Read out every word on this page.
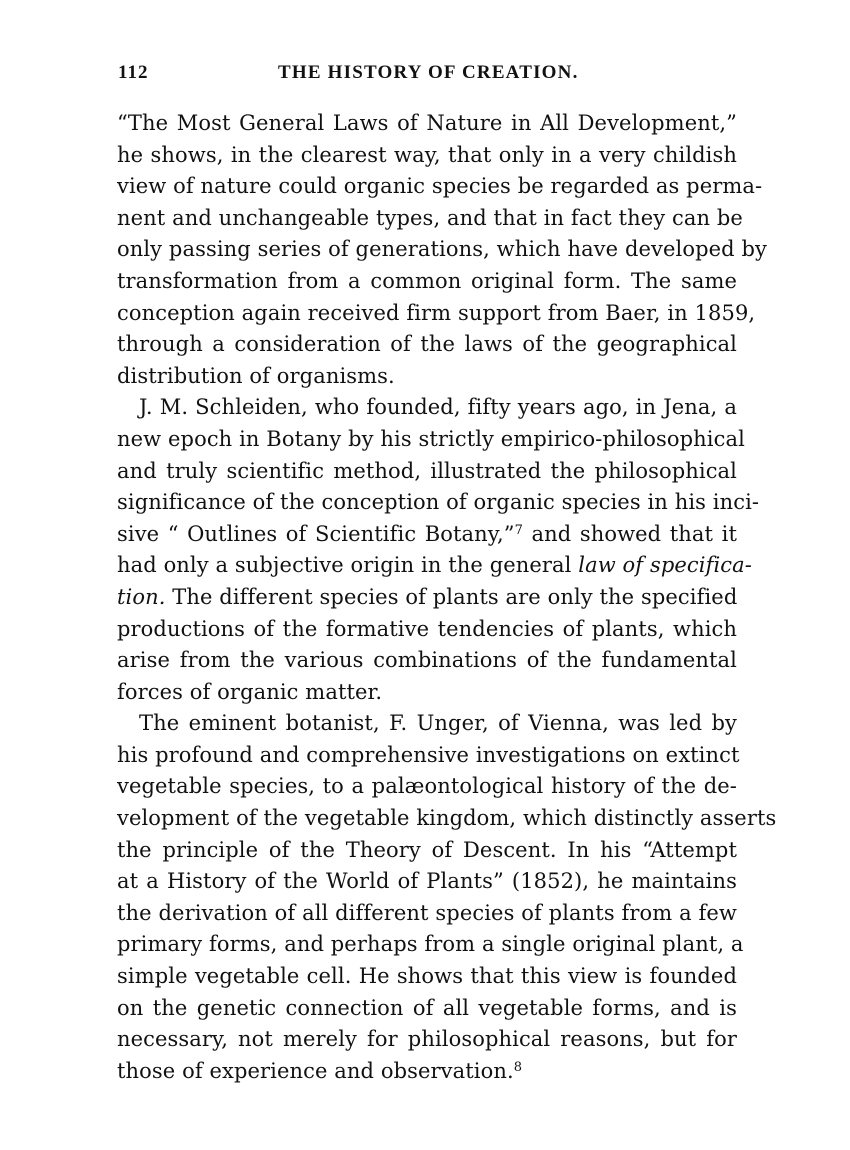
112	THE HISTORY OF CREATION.
“The Most General Laws of Nature in All Development,”
he shows, in the clearest way, that only in a very childish
view of nature could organic species be regarded as perma-
nent and unchangeable types, and that in fact they can be
only passing series of generations, which have developed by
transformation from a common original form. The same
conception again received firm support from Baer, in 1859,
through a consideration of the laws of the geographical
distribution of organisms.
J. M. Schleiden, who founded, fifty years ago, in Jena, a
new epoch in Botany by his strictly empirico-philosophical
and truly scientific method, illustrated the philosophical
significance of the conception of organic species in his inci-
sive “ Outlines of Scientific Botany,”$^7$ and showed that it
had only a subjective origin in the general law of specifica-
tion. The different species of plants are only the specified
productions of the formative tendencies of plants, which
arise from the various combinations of the fundamental
forces of organic matter.
The eminent botanist, F. Unger, of Vienna, was led by
his profound and comprehensive investigations on extinct
vegetable species, to a palæontological history of the de-
velopment of the vegetable kingdom, which distinctly asserts
the principle of the Theory of Descent. In his “Attempt
at a History of the World of Plants” (1852), he maintains
the derivation of all different species of plants from a few
primary forms, and perhaps from a single original plant, a
simple vegetable cell. He shows that this view is founded
on the genetic connection of all vegetable forms, and is
necessary, not merely for philosophical reasons, but for
those of experience and observation.$^8$
